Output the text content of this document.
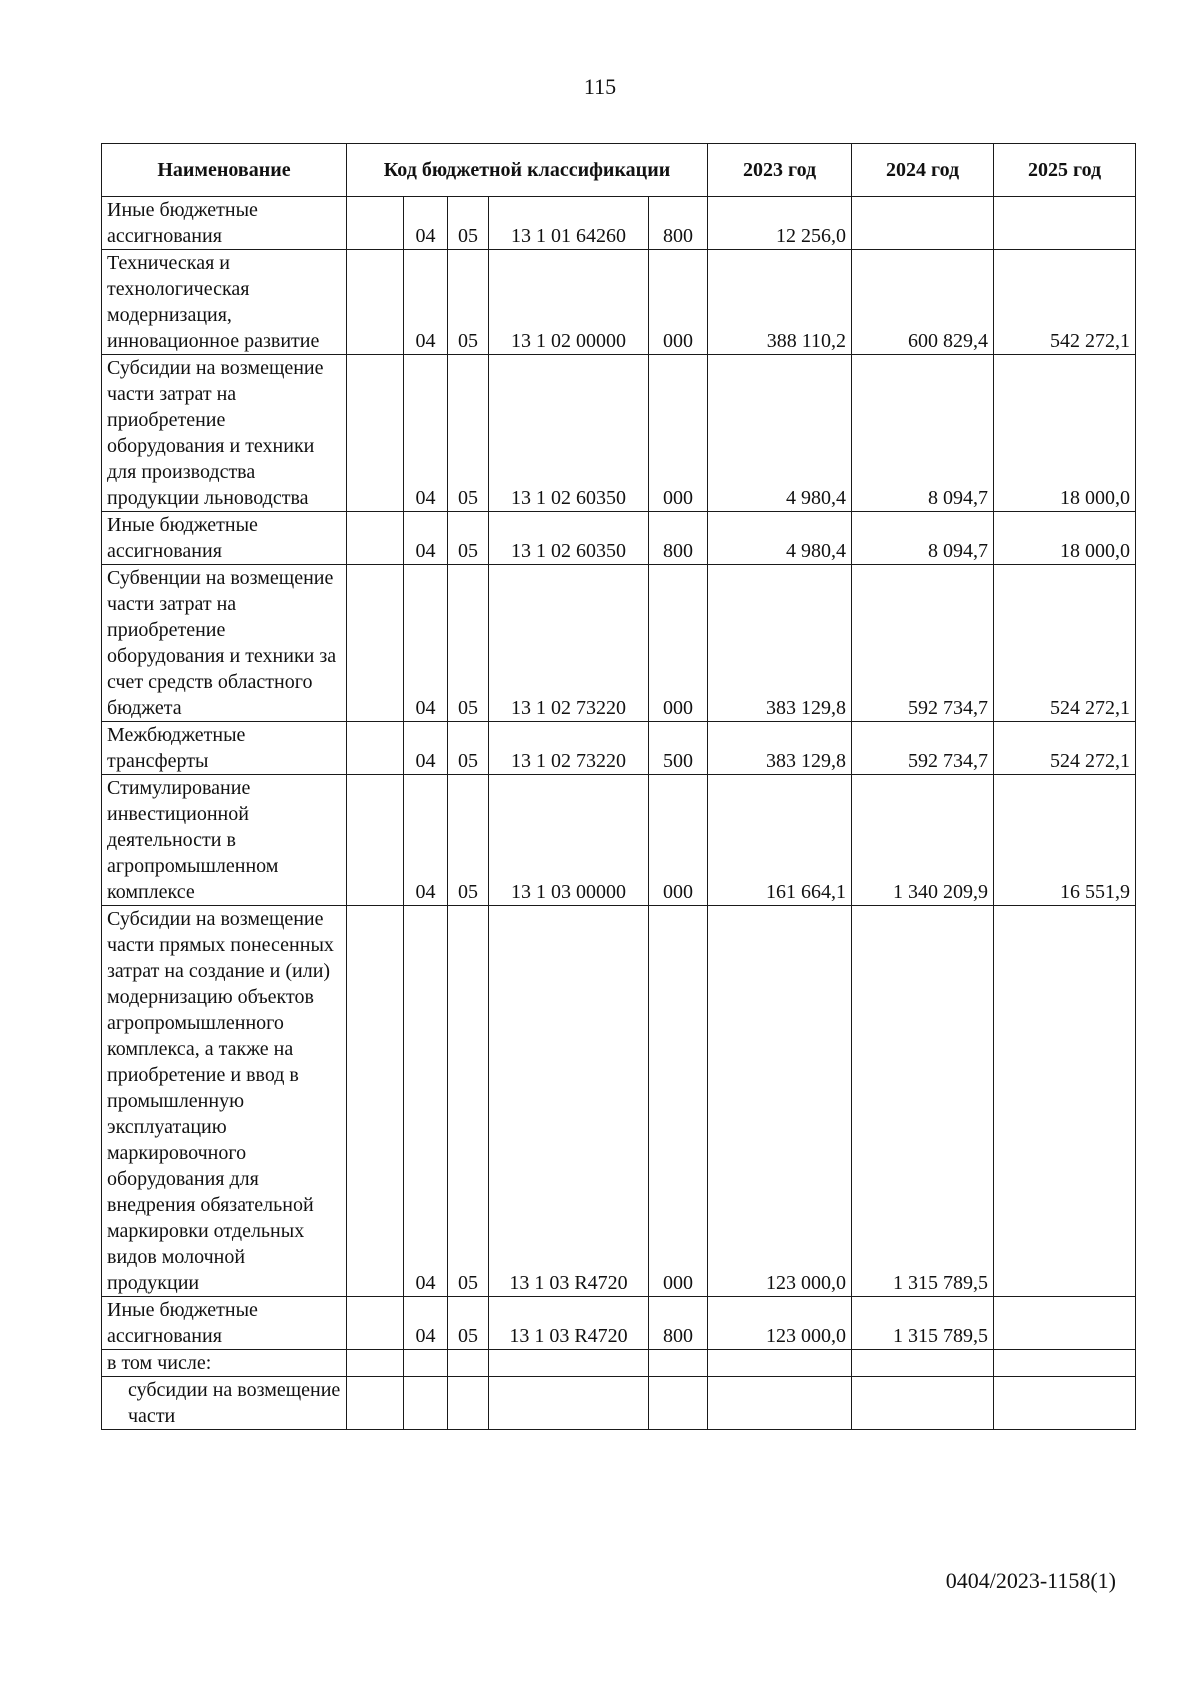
115
Наименование	Код бюджетной классификации					2023 год	2024 год	2025 год
Иные бюджетные ассигнования		04	05	13 1 01 64260	800	12 256,0		
Техническая и технологическая модернизация, инновационное развитие		04	05	13 1 02 00000	000	388 110,2	600 829,4	542 272,1
Субсидии на возмещение части затрат на приобретение оборудования и техники для производства продукции льноводства		04	05	13 1 02 60350	000	4 980,4	8 094,7	18 000,0
Иные бюджетные ассигнования		04	05	13 1 02 60350	800	4 980,4	8 094,7	18 000,0
Субвенции на возмещение части затрат на приобретение оборудования и техники за счет средств областного бюджета		04	05	13 1 02 73220	000	383 129,8	592 734,7	524 272,1
Межбюджетные трансферты		04	05	13 1 02 73220	500	383 129,8	592 734,7	524 272,1
Стимулирование инвестиционной деятельности в агропромышленном комплексе		04	05	13 1 03 00000	000	161 664,1	1 340 209,9	16 551,9
Субсидии на возмещение части прямых понесенных затрат на создание и (или) модернизацию объектов агропромышленного комплекса, а также на приобретение и ввод в промышленную эксплуатацию маркировочного оборудования для внедрения обязательной маркировки отдельных видов молочной продукции		04	05	13 1 03 R4720	000	123 000,0	1 315 789,5	
Иные бюджетные ассигнования		04	05	13 1 03 R4720	800	123 000,0	1 315 789,5	
в том числе:								
субсидии на возмещение части								
0404/2023-1158(1)
